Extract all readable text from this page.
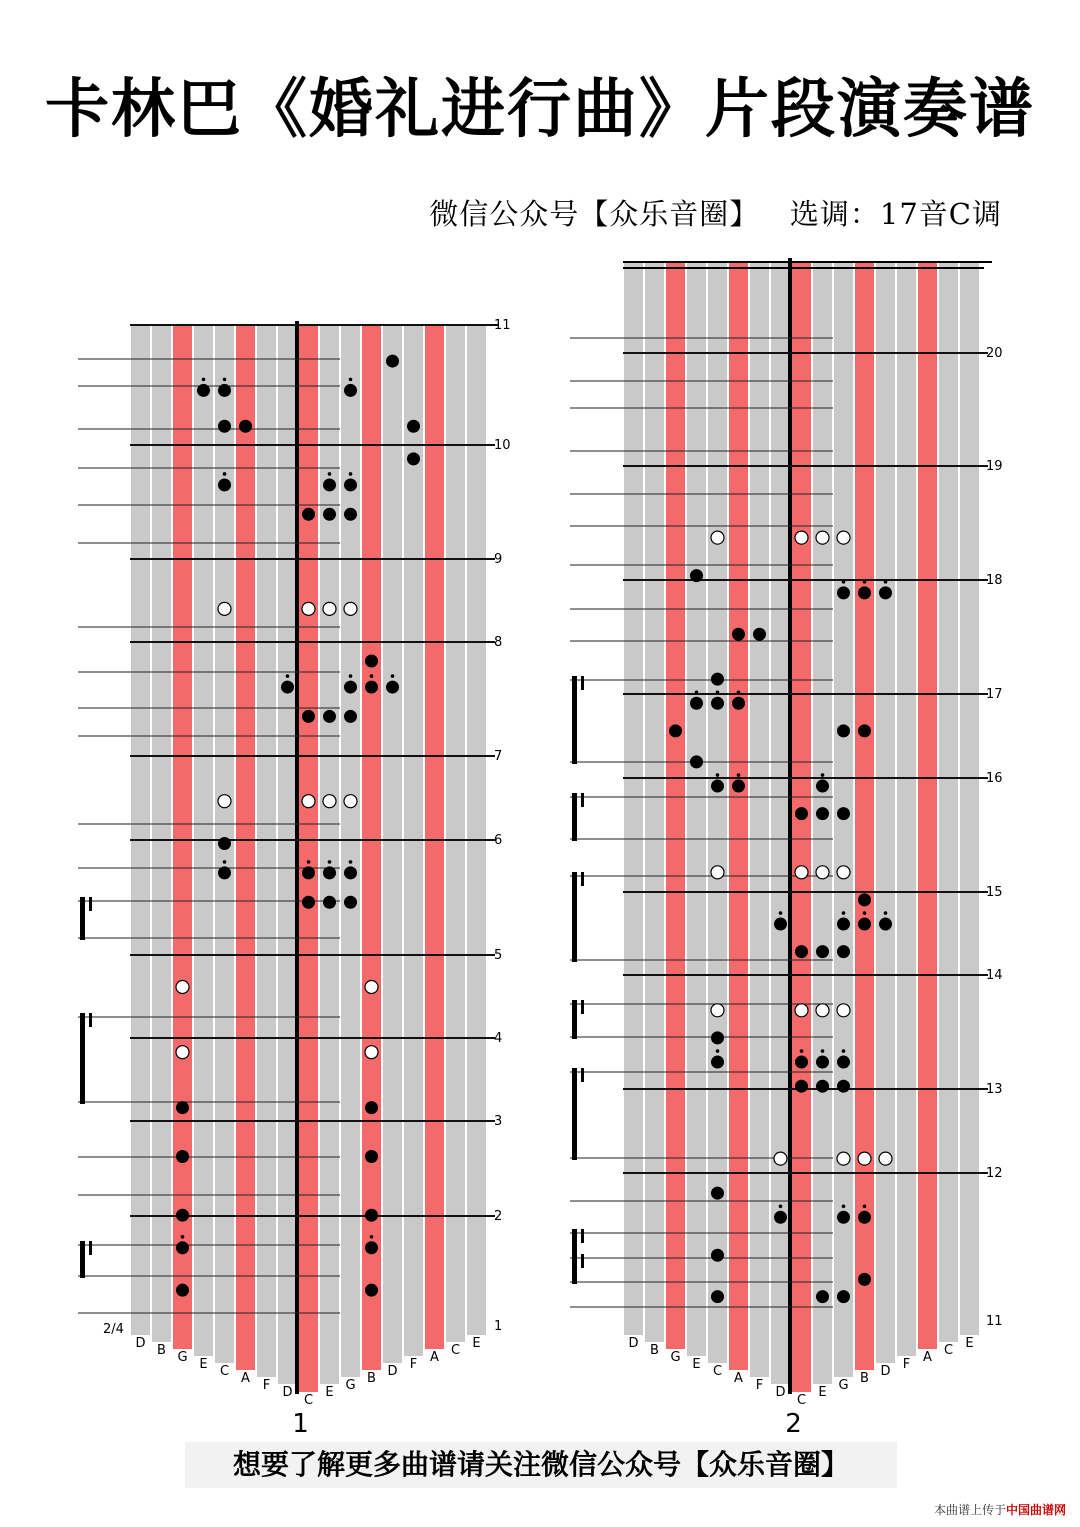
卡林巴《婚礼进行曲》片段演奏谱
微信公众号【众乐音圈】   选调：17音C调
D B G E C A F D
C
E G B D F A C E
1
2
3
4
5
6
7
8
9
10
11
2/4
1
D B G E C A F D
C
E G B D F A C E
11
12
13
14
15
16
17
18
19
20
2
想要了解更多曲谱请关注微信公众号【众乐音圈】
本曲谱上传于中国曲谱网
